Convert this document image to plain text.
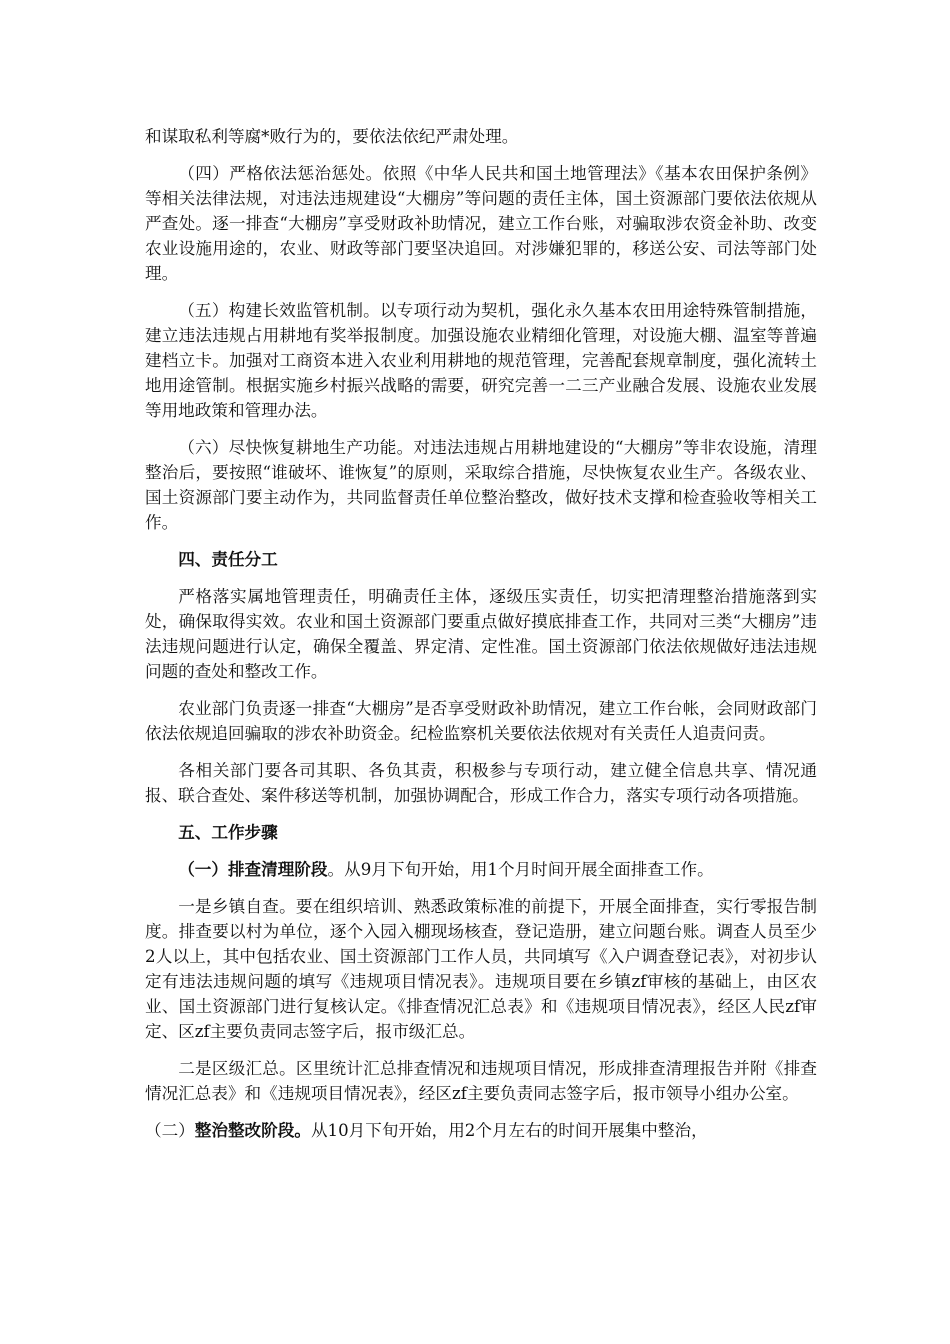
和谋取私利等腐*败行为的，要依法依纪严肃处理。

（四）严格依法惩治惩处。依照《中华人民共和国土地管理法》《基本农田保护条例》等相关法律法规，对违法违规建设“大棚房”等问题的责任主体，国土资源部门要依法依规从严查处。逐一排查“大棚房”享受财政补助情况，建立工作台账，对骗取涉农资金补助、改变农业设施用途的，农业、财政等部门要坚决追回。对涉嫌犯罪的，移送公安、司法等部门处理。

（五）构建长效监管机制。以专项行动为契机，强化永久基本农田用途特殊管制措施，建立违法违规占用耕地有奖举报制度。加强设施农业精细化管理，对设施大棚、温室等普遍建档立卡。加强对工商资本进入农业利用耕地的规范管理，完善配套规章制度，强化流转土地用途管制。根据实施乡村振兴战略的需要，研究完善一二三产业融合发展、设施农业发展等用地政策和管理办法。

（六）尽快恢复耕地生产功能。对违法违规占用耕地建设的“大棚房”等非农设施，清理整治后，要按照“谁破坏、谁恢复”的原则，采取综合措施，尽快恢复农业生产。各级农业、国土资源部门要主动作为，共同监督责任单位整治整改，做好技术支撑和检查验收等相关工作。

四、责任分工

严格落实属地管理责任，明确责任主体，逐级压实责任，切实把清理整治措施落到实处，确保取得实效。农业和国土资源部门要重点做好摸底排查工作，共同对三类“大棚房”违法违规问题进行认定，确保全覆盖、界定清、定性准。国土资源部门依法依规做好违法违规问题的查处和整改工作。

农业部门负责逐一排查“大棚房”是否享受财政补助情况，建立工作台帐，会同财政部门依法依规追回骗取的涉农补助资金。纪检监察机关要依法依规对有关责任人追责问责。

各相关部门要各司其职、各负其责，积极参与专项行动，建立健全信息共享、情况通报、联合查处、案件移送等机制，加强协调配合，形成工作合力，落实专项行动各项措施。

五、工作步骤

（一）排查清理阶段。从9月下旬开始，用1个月时间开展全面排查工作。

一是乡镇自查。要在组织培训、熟悉政策标准的前提下，开展全面排查，实行零报告制度。排查要以村为单位，逐个入园入棚现场核查，登记造册，建立问题台账。调查人员至少2人以上，其中包括农业、国土资源部门工作人员，共同填写《入户调查登记表》，对初步认定有违法违规问题的填写《违规项目情况表》。违规项目要在乡镇zf审核的基础上，由区农业、国土资源部门进行复核认定。《排查情况汇总表》和《违规项目情况表》，经区人民zf审定、区zf主要负责同志签字后，报市级汇总。

二是区级汇总。区里统计汇总排查情况和违规项目情况，形成排查清理报告并附《排查情况汇总表》和《违规项目情况表》，经区zf主要负责同志签字后，报市领导小组办公室。

（二）整治整改阶段。从10月下旬开始，用2个月左右的时间开展集中整治，
